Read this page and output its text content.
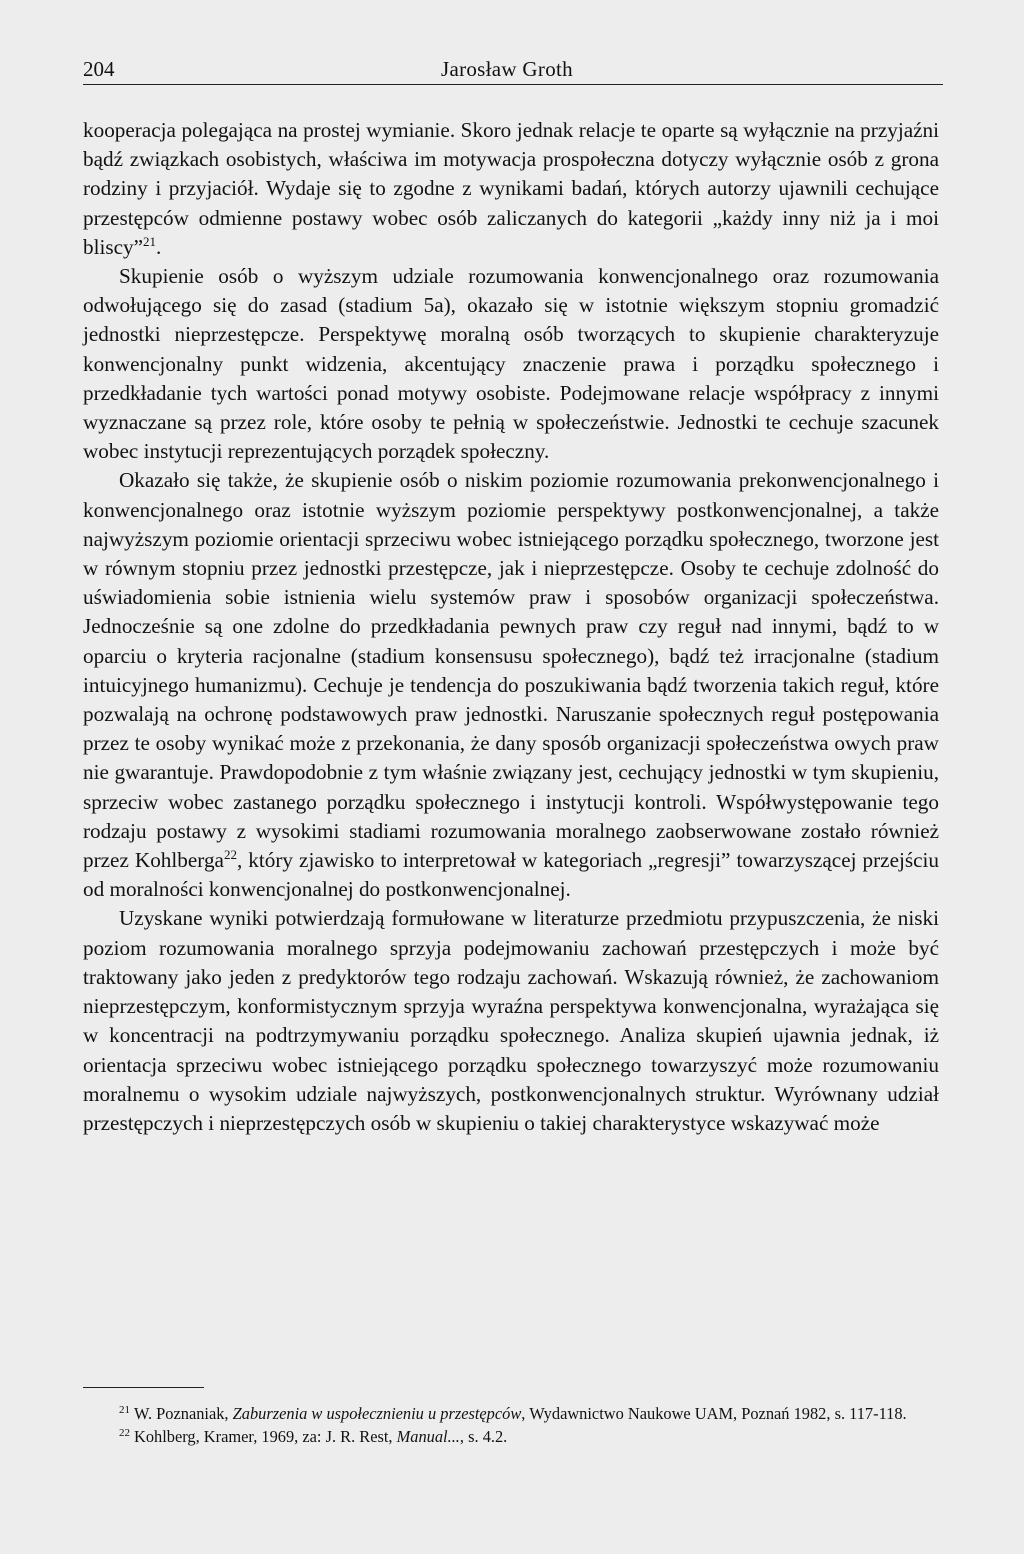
204	Jarosław Groth

kooperacja polegająca na prostej wymianie. Skoro jednak relacje te oparte są wyłącznie na przyjaźni bądź związkach osobistych, właściwa im motywacja prospołeczna dotyczy wyłącznie osób z grona rodziny i przyjaciół. Wydaje się to zgodne z wynikami badań, których autorzy ujawnili cechujące przestępców odmienne postawy wobec osób zaliczanych do kategorii „każdy inny niż ja i moi bliscy”$^{21}$.

Skupienie osób o wyższym udziale rozumowania konwencjonalnego oraz rozumowania odwołującego się do zasad (stadium 5a), okazało się w istotnie większym stopniu gromadzić jednostki nieprzestępcze. Perspektywę moralną osób tworzących to skupienie charakteryzuje konwencjonalny punkt widzenia, akcentujący znaczenie prawa i porządku społecznego i przedkładanie tych wartości ponad motywy osobiste. Podejmowane relacje współpracy z innymi wyznaczane są przez role, które osoby te pełnią w społeczeństwie. Jednostki te cechuje szacunek wobec instytucji reprezentujących porządek społeczny.

Okazało się także, że skupienie osób o niskim poziomie rozumowania prekonwencjonalnego i konwencjonalnego oraz istotnie wyższym poziomie perspektywy postkonwencjonalnej, a także najwyższym poziomie orientacji sprzeciwu wobec istniejącego porządku społecznego, tworzone jest w równym stopniu przez jednostki przestępcze, jak i nieprzestępcze. Osoby te cechuje zdolność do uświadomienia sobie istnienia wielu systemów praw i sposobów organizacji społeczeństwa. Jednocześnie są one zdolne do przedkładania pewnych praw czy reguł nad innymi, bądź to w oparciu o kryteria racjonalne (stadium konsensusu społecznego), bądź też irracjonalne (stadium intuicyjnego humanizmu). Cechuje je tendencja do poszukiwania bądź tworzenia takich reguł, które pozwalają na ochronę podstawowych praw jednostki. Naruszanie społecznych reguł postępowania przez te osoby wynikać może z przekonania, że dany sposób organizacji społeczeństwa owych praw nie gwarantuje. Prawdopodobnie z tym właśnie związany jest, cechujący jednostki w tym skupieniu, sprzeciw wobec zastanego porządku społecznego i instytucji kontroli. Współwystępowanie tego rodzaju postawy z wysokimi stadiami rozumowania moralnego zaobserwowane zostało również przez Kohlberga$^{22}$, który zjawisko to interpretował w kategoriach „regresji” towarzyszącej przejściu od moralności konwencjonalnej do postkonwencjonalnej.

Uzyskane wyniki potwierdzają formułowane w literaturze przedmiotu przypuszczenia, że niski poziom rozumowania moralnego sprzyja podejmowaniu zachowań przestępczych i może być traktowany jako jeden z predyktorów tego rodzaju zachowań. Wskazują również, że zachowaniom nieprzestępczym, konformistycznym sprzyja wyraźna perspektywa konwencjonalna, wyrażająca się w koncentracji na podtrzymywaniu porządku społecznego. Analiza skupień ujawnia jednak, iż orientacja sprzeciwu wobec istniejącego porządku społecznego towarzyszyć może rozumowaniu moralnemu o wysokim udziale najwyższych, postkonwencjonalnych struktur. Wyrównany udział przestępczych i nieprzestępczych osób w skupieniu o takiej charakterystyce wskazywać może

$^{21}$ W. Poznaniak, Zaburzenia w uspołecznieniu u przestępców, Wydawnictwo Naukowe UAM, Poznań 1982, s. 117-118.

$^{22}$ Kohlberg, Kramer, 1969, za: J. R. Rest, Manual..., s. 4.2.
